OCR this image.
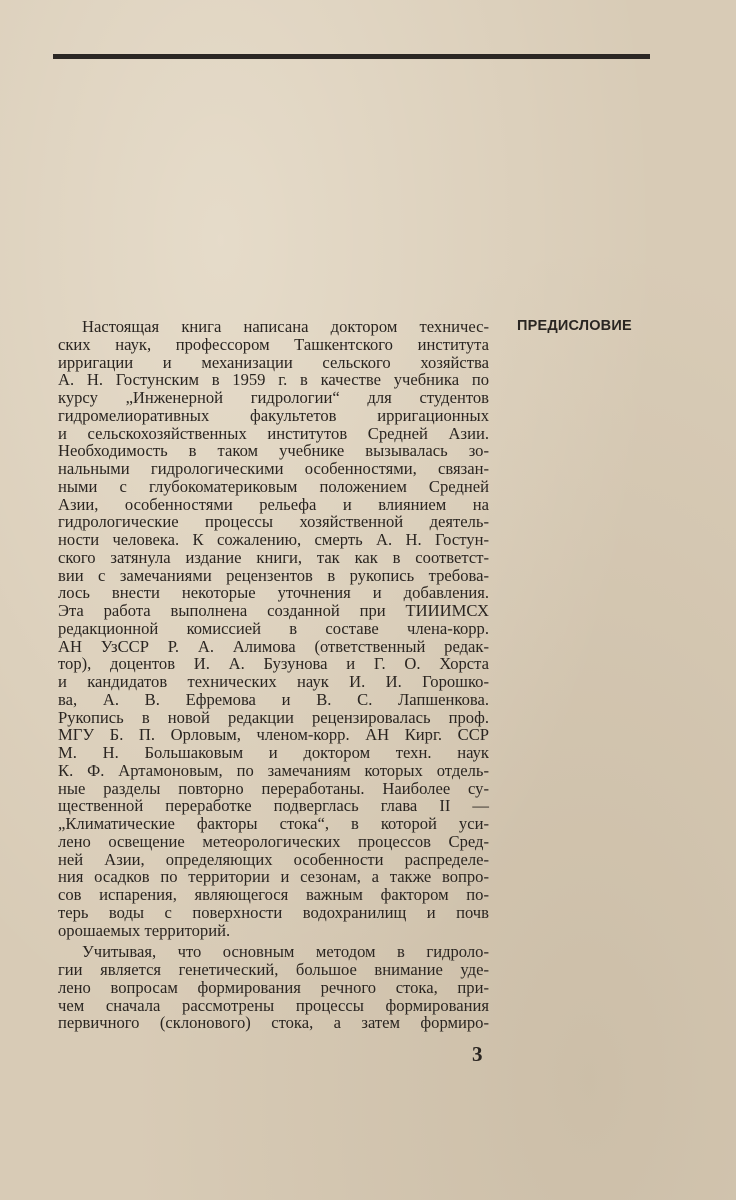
ПРЕДИСЛОВИЕ
Настоящая книга написана доктором техничес-
ских наук, профессором Ташкентского института
ирригации и механизации сельского хозяйства
А. Н. Гостунским в 1959 г. в качестве учебника по
курсу „Инженерной гидрологии“ для студентов
гидромелиоративных факультетов ирригационных
и сельскохозяйственных институтов Средней Азии.
Необходимость в таком учебнике вызывалась зо-
нальными гидрологическими особенностями, связан-
ными с глубокоматериковым положением Средней
Азии, особенностями рельефа и влиянием на
гидрологические процессы хозяйственной деятель-
ности человека. К сожалению, смерть А. Н. Гостун-
ского затянула издание книги, так как в соответст-
вии с замечаниями рецензентов в рукопись требова-
лось внести некоторые уточнения и добавления.
Эта работа выполнена созданной при ТИИИМСХ
редакционной комиссией в составе члена-корр.
АН УзССР Р. А. Алимова (ответственный редак-
тор), доцентов И. А. Бузунова и Г. О. Хорста
и кандидатов технических наук И. И. Горошко-
ва, А. В. Ефремова и В. С. Лапшенкова.
Рукопись в новой редакции рецензировалась проф.
МГУ Б. П. Орловым, членом-корр. АН Кирг. ССР
М. Н. Большаковым и доктором техн. наук
К. Ф. Артамоновым, по замечаниям которых отдель-
ные разделы повторно переработаны. Наиболее су-
щественной переработке подверглась глава II —
„Климатические факторы стока“, в которой уси-
лено освещение метеорологических процессов Сред-
ней Азии, определяющих особенности распределе-
ния осадков по территории и сезонам, а также вопро-
сов испарения, являющегося важным фактором по-
терь воды с поверхности водохранилищ и почв
орошаемых территорий.
Учитывая, что основным методом в гидроло-
гии является генетический, большое внимание уде-
лено вопросам формирования речного стока, при-
чем сначала рассмотрены процессы формирования
первичного (склонового) стока, а затем формиро-
3
